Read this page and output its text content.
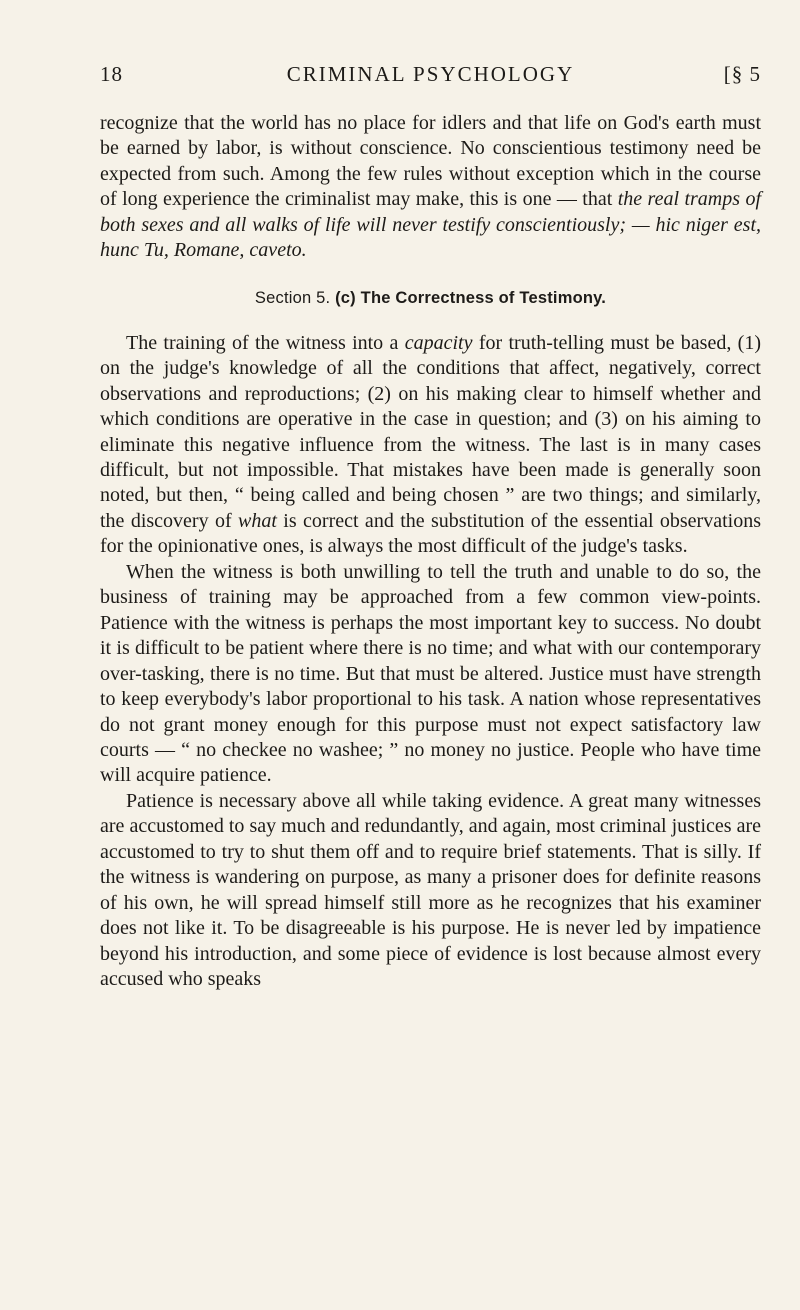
18	CRIMINAL PSYCHOLOGY	[§ 5

recognize that the world has no place for idlers and that life on God's earth must be earned by labor, is without conscience. No conscientious testimony need be expected from such. Among the few rules without exception which in the course of long experience the criminalist may make, this is one — that the real tramps of both sexes and all walks of life will never testify conscientiously; — hic niger est, hunc Tu, Romane, caveto.

Section 5. (c) The Correctness of Testimony.

The training of the witness into a capacity for truth-telling must be based, (1) on the judge's knowledge of all the conditions that affect, negatively, correct observations and reproductions; (2) on his making clear to himself whether and which conditions are operative in the case in question; and (3) on his aiming to eliminate this negative influence from the witness. The last is in many cases difficult, but not impossible. That mistakes have been made is generally soon noted, but then, “ being called and being chosen ” are two things; and similarly, the discovery of what is correct and the substitution of the essential observations for the opinionative ones, is always the most difficult of the judge's tasks.

When the witness is both unwilling to tell the truth and unable to do so, the business of training may be approached from a few common view-points. Patience with the witness is perhaps the most important key to success. No doubt it is difficult to be patient where there is no time; and what with our contemporary over-tasking, there is no time. But that must be altered. Justice must have strength to keep everybody's labor proportional to his task. A nation whose representatives do not grant money enough for this purpose must not expect satisfactory law courts — “ no checkee no washee; ” no money no justice. People who have time will acquire patience.

Patience is necessary above all while taking evidence. A great many witnesses are accustomed to say much and redundantly, and again, most criminal justices are accustomed to try to shut them off and to require brief statements. That is silly. If the witness is wandering on purpose, as many a prisoner does for definite reasons of his own, he will spread himself still more as he recognizes that his examiner does not like it. To be disagreeable is his purpose. He is never led by impatience beyond his introduction, and some piece of evidence is lost because almost every accused who speaks
